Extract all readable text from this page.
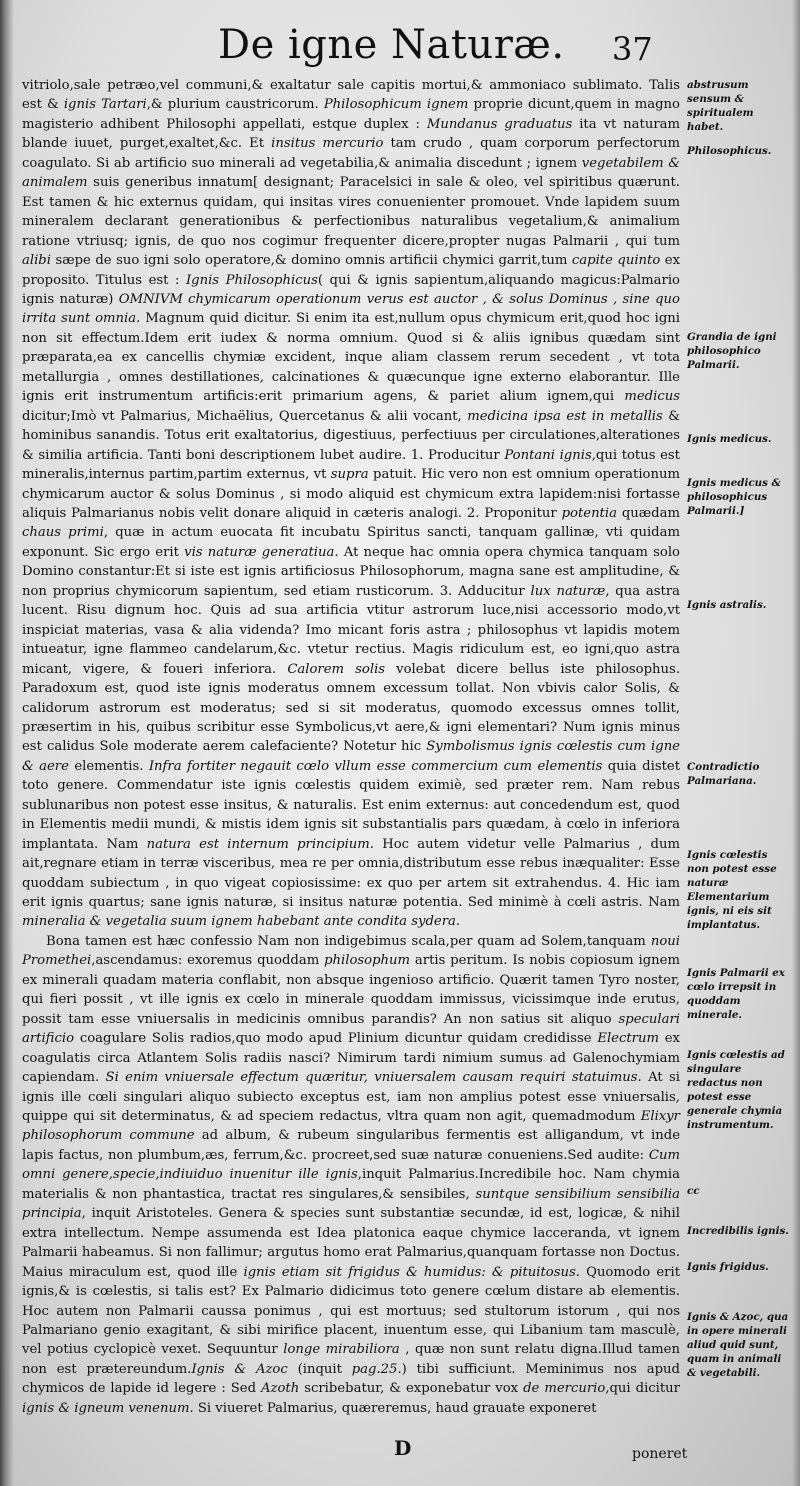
De igne Naturæ. 37

vitriolo,sale petræo,vel communi,& exaltatur sale capitis mortui,& ammoniaco sublimato. Talis est & ignis Tartari,& plurium caustricorum. Philosophicum ignem proprie dicunt,quem in magno magisterio adhibent Philosophi appellati, estque duplex : Mundanus graduatus ita vt naturam blande iuuet, purget,exaltet,&c. Et insitus mercurio tam crudo , quam corporum perfectorum coagulato. Si ab artificio suo minerali ad vegetabilia,& animalia discedunt ; ignem vegetabilem & animalem suis generibus innatum[ designant; Paracelsici in sale & oleo, vel spiritibus quærunt. Est tamen & hic externus quidam, qui insitas vires conuenienter promouet. Vnde lapidem suum mineralem declarant generationibus & perfectionibus naturalibus vegetalium,& animalium ratione vtriusq; ignis, de quo nos cogimur frequenter dicere,propter nugas Palmarii , qui tum alibi sæpe de suo igni solo operatore,& domino omnis artificii chymici garrit,tum capite quinto ex proposito. Titulus est : Ignis Philosophicus( qui & ignis sapientum,aliquando magicus:Palmario ignis naturæ) OMNIVM chymicarum operationum verus est auctor , & solus Dominus , sine quo irrita sunt omnia. Magnum quid dicitur. Si enim ita est,nullum opus chymicum erit,quod hoc igni non sit effectum.Idem erit iudex & norma omnium. Quod si & aliis ignibus quædam sint præparata,ea ex cancellis chymiæ excident, inque aliam classem rerum secedent , vt tota metallurgia , omnes destillationes, calcinationes & quæcunque igne externo elaborantur. Ille ignis erit instrumentum artificis:erit primarium agens, & pariet alium ignem,qui medicus dicitur;Imò vt Palmarius, Michaëlius, Quercetanus & alii vocant, medicina ipsa est in metallis & hominibus sanandis. Totus erit exaltatorius, digestiuus, perfectiuus per circulationes,alterationes & similia artificia. Tanti boni descriptionem lubet audire. 1. Producitur Pontani ignis,qui totus est mineralis,internus partim,partim externus, vt supra patuit. Hic vero non est omnium operationum chymicarum auctor & solus Dominus , si modo aliquid est chymicum extra lapidem:nisi fortasse aliquis Palmarianus nobis velit donare aliquid in cæteris analogi. 2. Proponitur potentia quædam chaus primi, quæ in actum euocata fit incubatu Spiritus sancti, tanquam gallinæ, vti quidam exponunt. Sic ergo erit vis naturæ generatiua. At neque hac omnia opera chymica tanquam solo Domino constantur:Et si iste est ignis artificiosus Philosophorum, magna sane est amplitudine, & non proprius chymicorum sapientum, sed etiam rusticorum. 3. Adducitur lux naturæ, qua astra lucent. Risu dignum hoc. Quis ad sua artificia vtitur astrorum luce,nisi accessorio modo,vt inspiciat materias, vasa & alia videnda? Imo micant foris astra ; philosophus vt lapidis motem intueatur, igne flammeo candelarum,&c. vtetur rectius. Magis ridiculum est, eo igni,quo astra micant, vigere, & foueri inferiora. Calorem solis volebat dicere bellus iste philosophus. Paradoxum est, quod iste ignis moderatus omnem excessum tollat. Non vbivis calor Solis, & calidorum astrorum est moderatus; sed si sit moderatus, quomodo excessus omnes tollit, præsertim in his, quibus scribitur esse Symbolicus,vt aere,& igni elementari? Num ignis minus est calidus Sole moderate aerem calefaciente? Notetur hic Symbolismus ignis cœlestis cum igne & aere elementis. Infra fortiter negauit cœlo vllum esse commercium cum elementis quia distet toto genere. Commendatur iste ignis cœlestis quidem eximiè, sed præter rem. Nam rebus sublunaribus non potest esse insitus, & naturalis. Est enim externus: aut concedendum est, quod in Elementis medii mundi, & mistis idem ignis sit substantialis pars quædam, à cœlo in inferiora implantata. Nam natura est internum principium. Hoc autem videtur velle Palmarius , dum ait,regnare etiam in terræ visceribus, mea re per omnia,distributum esse rebus inæqualiter: Esse quoddam subiectum , in quo vigeat copiosissime: ex quo per artem sit extrahendus. 4. Hic iam erit ignis quartus; sane ignis naturæ, si insitus naturæ potentia. Sed minimè à cœli astris. Nam mineralia & vegetalia suum ignem habebant ante condita sydera.

Bona tamen est hæc confessio Nam non indigebimus scala,per quam ad Solem,tanquam noui Promethei,ascendamus: exoremus quoddam philosophum artis peritum. Is nobis copiosum ignem ex minerali quadam materia conflabit, non absque ingenioso artificio. Quærit tamen Tyro noster, qui fieri possit , vt ille ignis ex cœlo in minerale quoddam immissus, vicissimque inde erutus, possit tam esse vniuersalis in medicinis omnibus parandis? An non satius sit aliquo speculari artificio coagulare Solis radios,quo modo apud Plinium dicuntur quidam credidisse Electrum ex coagulatis circa Atlantem Solis radiis nasci? Nimirum tardi nimium sumus ad Galenochymiam capiendam. Si enim vniuersale effectum quæritur, vniuersalem causam requiri statuimus. At si ignis ille cœli singulari aliquo subiecto exceptus est, iam non amplius potest esse vniuersalis, quippe qui sit determinatus, & ad speciem redactus, vltra quam non agit, quemadmodum Elixyr philosophorum commune ad album, & rubeum singularibus fermentis est alligandum, vt inde lapis factus, non plumbum,æs, ferrum,&c. procreet,sed suæ naturæ conueniens.Sed audite: Cum omni genere,specie,indiuiduo inuenitur ille ignis,inquit Palmarius.Incredibile hoc. Nam chymia materialis & non phantastica, tractat res singulares,& sensibiles, suntque sensibilium sensibilia principia, inquit Aristoteles. Genera & species sunt substantiæ secundæ, id est, logicæ, & nihil extra intellectum. Nempe assumenda est Idea platonica eaque chymice lacceranda, vt ignem Palmarii habeamus. Si non fallimur; argutus homo erat Palmarius,quanquam fortasse non Doctus. Maius miraculum est, quod ille ignis etiam sit frigidus & humidus: & pituitosus. Quomodo erit ignis,& is cœlestis, si talis est? Ex Palmario didicimus toto genere cœlum distare ab elementis. Hoc autem non Palmarii caussa ponimus , qui est mortuus; sed stultorum istorum , qui nos Palmariano genio exagitant, & sibi mirifice placent, inuentum esse, qui Libanium tam masculè, vel potius cyclopicè vexet. Sequuntur longe mirabiliora , quæ non sunt relatu digna.Illud tamen non est prætereundum.Ignis & Azoc (inquit pag.25.) tibi sufficiunt. Meminimus nos apud chymicos de lapide id legere : Sed Azoth scribebatur, & exponebatur vox de mercurio,qui dicitur ignis & igneum venenum. Si viueret Palmarius, quæreremus, haud grauate exponeret

abstrusum sensum & spiritualem habet.
Philosophicus.
Grandia de igni philosophico Palmarii.
Ignis medicus.
Ignis medicus & philosophicus Palmarii.]
Ignis astralis.
Contradictio Palmariana.
Ignis cœlestis non potest esse naturæ Elementarium ignis, ni eis sit implantatus.
Ignis Palmarii ex cœlo irrepsit in quoddam minerale.
Ignis cœlestis ad singulare redactus non potest esse generale chymia instrumentum.
cc
Incredibilis ignis.
Ignis frigidus.
Ignis & Azoc, qua in opere minerali aliud quid sunt, quam in animali & vegetabili.
D	poneret
